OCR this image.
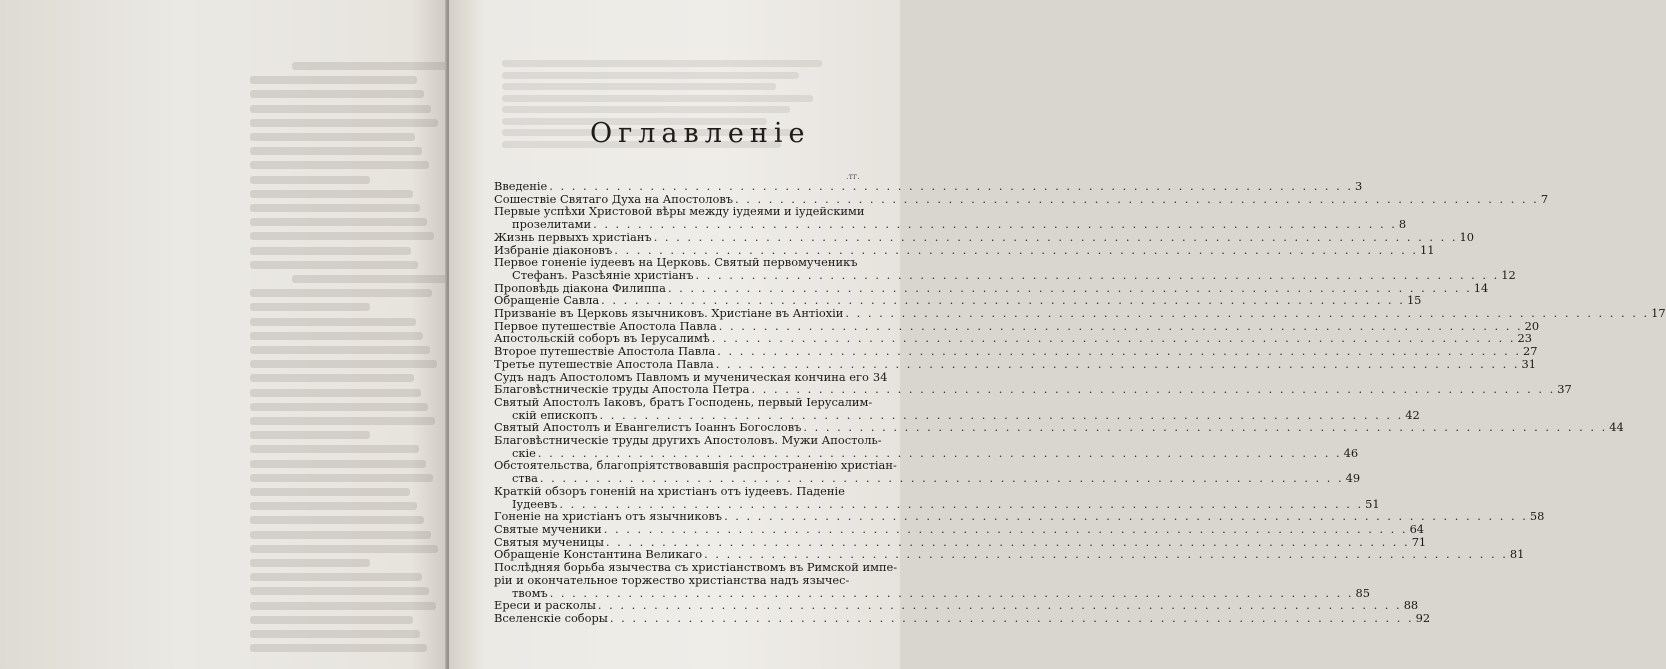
Оглавленіе
.тг.
Введеніе . . . . . . . . . . . . . . . . . . . . . . . . . . . . . . . . . . . . . . . . . . . . . . . . . . . . . . . . . . . . . . . . . . . . . . . . 3
Сошествіе Святаго Духа на Апостоловъ . . . . . . . . . . . . . . . . . . . . . . . . . . . . . . . . . . . . . . . . . . . . . . . . . . . . . . . . . . . . . . . . . . . . . . . . 7
Первые успѣхи Христовой вѣры между іудеями и іудейскими
прозелитами . . . . . . . . . . . . . . . . . . . . . . . . . . . . . . . . . . . . . . . . . . . . . . . . . . . . . . . . . . . . . . . . . . . . . . . . 8
Жизнь первыхъ христіанъ . . . . . . . . . . . . . . . . . . . . . . . . . . . . . . . . . . . . . . . . . . . . . . . . . . . . . . . . . . . . . . . . . . . . . . . . 10
Избраніе діаконовъ . . . . . . . . . . . . . . . . . . . . . . . . . . . . . . . . . . . . . . . . . . . . . . . . . . . . . . . . . . . . . . . . . . . . . . . . 11
Первое гоненіе іудеевъ на Церковь. Святый первомученикъ
Стефанъ. Разсѣяніе христіанъ . . . . . . . . . . . . . . . . . . . . . . . . . . . . . . . . . . . . . . . . . . . . . . . . . . . . . . . . . . . . . . . . . . . . . . . . 12
Проповѣдь діакона Филиппа . . . . . . . . . . . . . . . . . . . . . . . . . . . . . . . . . . . . . . . . . . . . . . . . . . . . . . . . . . . . . . . . . . . . . . . . 14
Обращеніе Савла . . . . . . . . . . . . . . . . . . . . . . . . . . . . . . . . . . . . . . . . . . . . . . . . . . . . . . . . . . . . . . . . . . . . . . . . 15
Призваніе въ Церковь язычниковъ. Христіане въ Антіохіи . . . . . . . . . . . . . . . . . . . . . . . . . . . . . . . . . . . . . . . . . . . . . . . . . . . . . . . . . . . . . . . . . . . . . . . . 17
Первое путешествіе Апостола Павла . . . . . . . . . . . . . . . . . . . . . . . . . . . . . . . . . . . . . . . . . . . . . . . . . . . . . . . . . . . . . . . . . . . . . . . . 20
Апостольскій соборъ въ Іерусалимѣ . . . . . . . . . . . . . . . . . . . . . . . . . . . . . . . . . . . . . . . . . . . . . . . . . . . . . . . . . . . . . . . . . . . . . . . . 23
Второе путешествіе Апостола Павла . . . . . . . . . . . . . . . . . . . . . . . . . . . . . . . . . . . . . . . . . . . . . . . . . . . . . . . . . . . . . . . . . . . . . . . . 27
Третье путешествіе Апостола Павла . . . . . . . . . . . . . . . . . . . . . . . . . . . . . . . . . . . . . . . . . . . . . . . . . . . . . . . . . . . . . . . . . . . . . . . . 31
Судъ надъ Апостоломъ Павломъ и мученическая кончина его 34
Благовѣстническіе труды Апостола Петра . . . . . . . . . . . . . . . . . . . . . . . . . . . . . . . . . . . . . . . . . . . . . . . . . . . . . . . . . . . . . . . . . . . . . . . . 37
Святый Апостолъ Іаковъ, братъ Господень, первый Іерусалим-
скій епископъ . . . . . . . . . . . . . . . . . . . . . . . . . . . . . . . . . . . . . . . . . . . . . . . . . . . . . . . . . . . . . . . . . . . . . . . . 42
Святый Апостолъ и Евангелистъ Іоаннъ Богословъ . . . . . . . . . . . . . . . . . . . . . . . . . . . . . . . . . . . . . . . . . . . . . . . . . . . . . . . . . . . . . . . . . . . . . . . . 44
Благовѣстническіе труды другихъ Апостоловъ. Мужи Апостоль-
скіе . . . . . . . . . . . . . . . . . . . . . . . . . . . . . . . . . . . . . . . . . . . . . . . . . . . . . . . . . . . . . . . . . . . . . . . . 46
Обстоятельства, благопріятствовавшія распространенію христіан-
ства . . . . . . . . . . . . . . . . . . . . . . . . . . . . . . . . . . . . . . . . . . . . . . . . . . . . . . . . . . . . . . . . . . . . . . . . 49
Краткій обзоръ гоненій на христіанъ отъ іудеевъ. Паденіе
Іудеевъ . . . . . . . . . . . . . . . . . . . . . . . . . . . . . . . . . . . . . . . . . . . . . . . . . . . . . . . . . . . . . . . . . . . . . . . . 51
Гоненіе на христіанъ отъ язычниковъ . . . . . . . . . . . . . . . . . . . . . . . . . . . . . . . . . . . . . . . . . . . . . . . . . . . . . . . . . . . . . . . . . . . . . . . . 58
Святые мученики . . . . . . . . . . . . . . . . . . . . . . . . . . . . . . . . . . . . . . . . . . . . . . . . . . . . . . . . . . . . . . . . . . . . . . . . 64
Святыя мученицы . . . . . . . . . . . . . . . . . . . . . . . . . . . . . . . . . . . . . . . . . . . . . . . . . . . . . . . . . . . . . . . . . . . . . . . . 71
Обращеніе Константина Великаго . . . . . . . . . . . . . . . . . . . . . . . . . . . . . . . . . . . . . . . . . . . . . . . . . . . . . . . . . . . . . . . . . . . . . . . . 81
Послѣдняя борьба язычества съ христіанствомъ въ Римской импе-
ріи и окончательное торжество христіанства надъ язычес-
твомъ . . . . . . . . . . . . . . . . . . . . . . . . . . . . . . . . . . . . . . . . . . . . . . . . . . . . . . . . . . . . . . . . . . . . . . . . 85
Ереси и расколы . . . . . . . . . . . . . . . . . . . . . . . . . . . . . . . . . . . . . . . . . . . . . . . . . . . . . . . . . . . . . . . . . . . . . . . . 88
Вселенскіе соборы . . . . . . . . . . . . . . . . . . . . . . . . . . . . . . . . . . . . . . . . . . . . . . . . . . . . . . . . . . . . . . . . . . . . . . . . 92
